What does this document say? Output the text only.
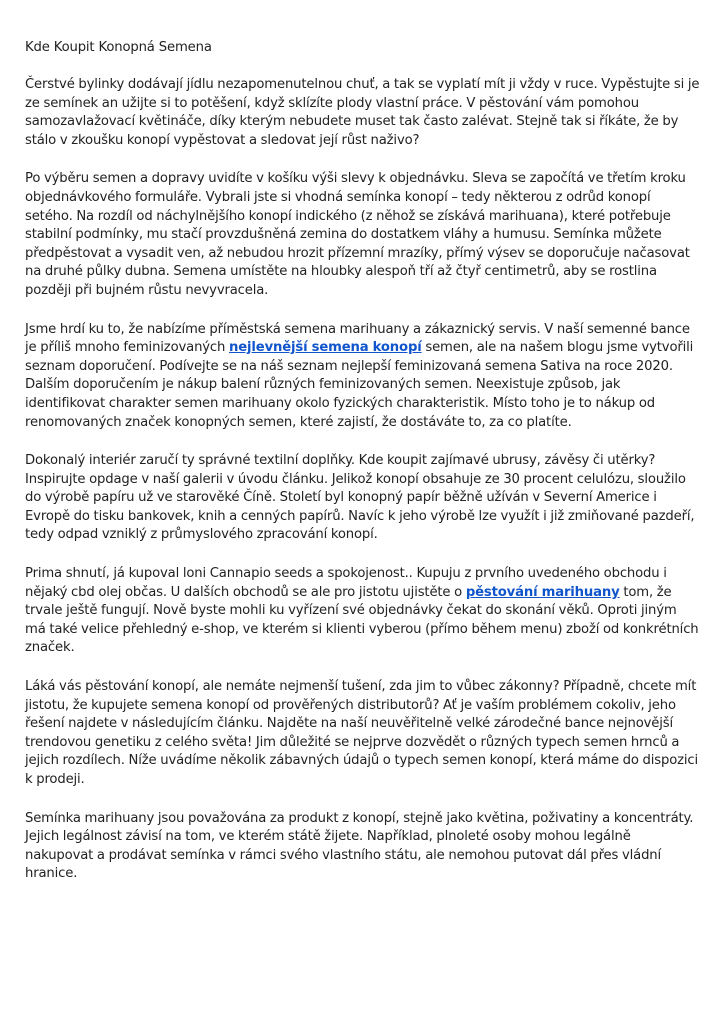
Kde Koupit Konopná Semena

Čerstvé bylinky dodávají jídlu nezapomenutelnou chuť, a tak se vyplatí mít ji vždy v ruce. Vypěstujte si je ze semínek an užijte si to potěšení, když sklízíte plody vlastní práce. V pěstování vám pomohou samozavlažovací květináče, díky kterým nebudete muset tak často zalévat. Stejně tak si říkáte, že by stálo v zkoušku konopí vypěstovat a sledovat její růst naživo?

Po výběru semen a dopravy uvidíte v košíku výši slevy k objednávku. Sleva se započítá ve třetím kroku objednávkového formuláře. Vybrali jste si vhodná semínka konopí – tedy některou z odrůd konopí setého. Na rozdíl od náchylnějšího konopí indického (z něhož se získává marihuana), které potřebuje stabilní podmínky, mu stačí provzdušněná zemina do dostatkem vláhy a humusu. Semínka můžete předpěstovat a vysadit ven, až nebudou hrozit přízemní mrazíky, přímý výsev se doporučuje načasovat na druhé půlky dubna. Semena umístěte na hloubky alespoň tří až čtyř centimetrů, aby se rostlina později při bujném růstu nevyvracela.

Jsme hrdí ku to, že nabízíme příměstská semena marihuany a zákaznický servis. V naší semenné bance je příliš mnoho feminizovaných nejlevnější semena konopí semen, ale na našem blogu jsme vytvořili seznam doporučení. Podívejte se na náš seznam nejlepší feminizovaná semena Sativa na roce 2020. Dalším doporučením je nákup balení různých feminizovaných semen. Neexistuje způsob, jak identifikovat charakter semen marihuany okolo fyzických charakteristik. Místo toho je to nákup od renomovaných značek konopných semen, které zajistí, že dostáváte to, za co platíte.

Dokonalý interiér zaručí ty správné textilní doplňky. Kde koupit zajímavé ubrusy, závěsy či utěrky? Inspirujte opdage v naší galerii v úvodu článku. Jelikož konopí obsahuje ze 30 procent celulózu, sloužilo do výrobě papíru už ve starověké Číně. Století byl konopný papír běžně užíván v Severní Americe i Evropě do tisku bankovek, knih a cenných papírů. Navíc k jeho výrobě lze využít i již zmiňované pazdeří, tedy odpad vzniklý z průmyslového zpracování konopí.

Prima shnutí, já kupoval loni Cannapio seeds a spokojenost.. Kupuju z prvního uvedeného obchodu i nějaký cbd olej občas. U dalších obchodů se ale pro jistotu ujistěte o pěstování marihuany tom, že trvale ještě fungují. Nově byste mohli ku vyřízení své objednávky čekat do skonání věků. Oproti jiným má také velice přehledný e-shop, ve kterém si klienti vyberou (přímo během menu) zboží od konkrétních značek.

Láká vás pěstování konopí, ale nemáte nejmenší tušení, zda jim to vůbec zákonny? Případně, chcete mít jistotu, že kupujete semena konopí od prověřených distributorů? Ať je vaším problémem cokoliv, jeho řešení najdete v následujícím článku. Najděte na naší neuvěřitelně velké zárodečné bance nejnovější trendovou genetiku z celého světa! Jim důležité se nejprve dozvědět o různých typech semen hrnců a jejich rozdílech. Níže uvádíme několik zábavných údajů o typech semen konopí, která máme do dispozici k prodeji.

Semínka marihuany jsou považována za produkt z konopí, stejně jako květina, poživatiny a koncentráty. Jejich legálnost závisí na tom, ve kterém státě žijete. Například, plnoleté osoby mohou legálně nakupovat a prodávat semínka v rámci svého vlastního státu, ale nemohou putovat dál přes vládní hranice.
